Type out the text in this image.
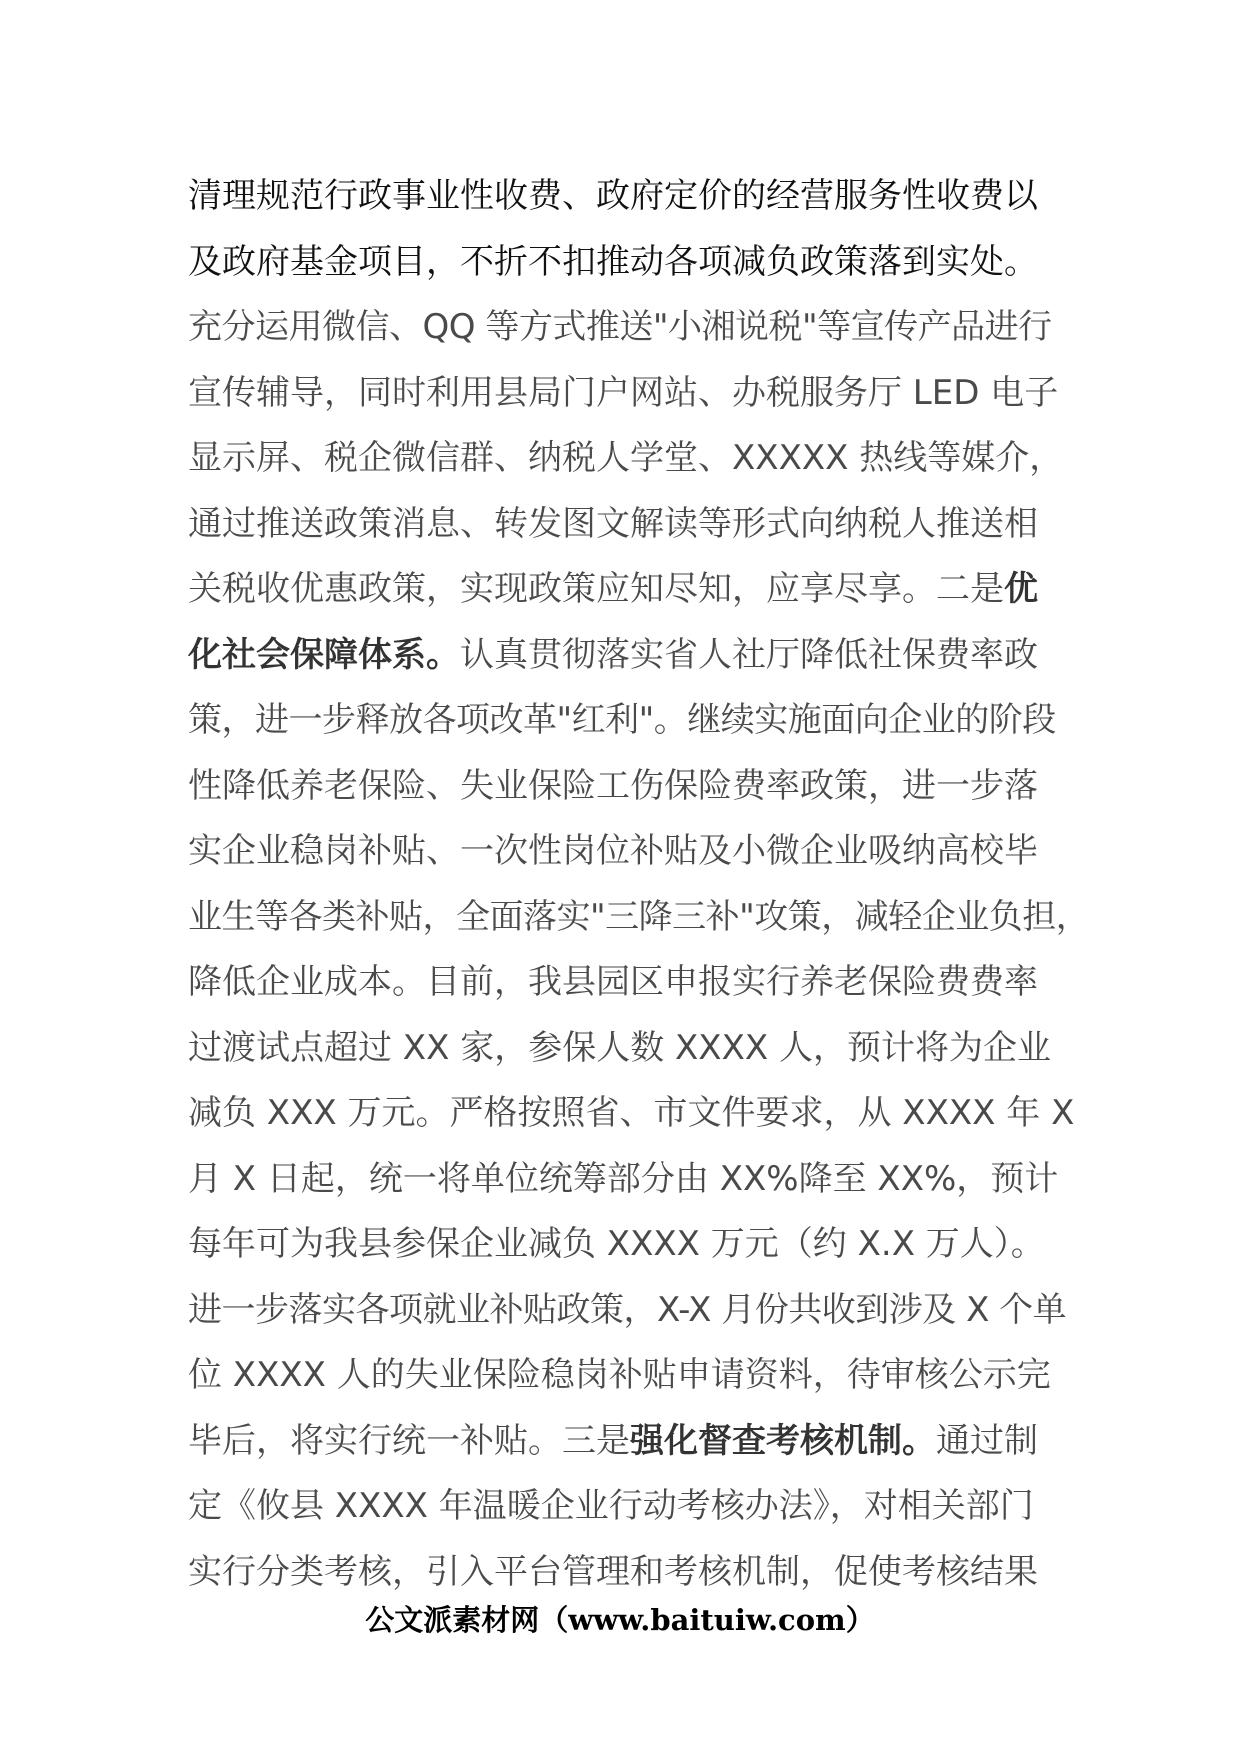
清理规范行政事业性收费、政府定价的经营服务性收费以
及政府基金项目，不折不扣推动各项减负政策落到实处。
充分运用微信、QQ 等方式推送"小湘说税"等宣传产品进行
宣传辅导，同时利用县局门户网站、办税服务厅 LED 电子
显示屏、税企微信群、纳税人学堂、XXXXX 热线等媒介，
通过推送政策消息、转发图文解读等形式向纳税人推送相
关税收优惠政策，实现政策应知尽知，应享尽享。二是优
化社会保障体系。认真贯彻落实省人社厅降低社保费率政
策，进一步释放各项改革"红利"。继续实施面向企业的阶段
性降低养老保险、失业保险工伤保险费率政策，进一步落
实企业稳岗补贴、一次性岗位补贴及小微企业吸纳高校毕
业生等各类补贴，全面落实"三降三补"攻策，减轻企业负担，
降低企业成本。目前，我县园区申报实行养老保险费费率
过渡试点超过 XX 家，参保人数 XXXX 人，预计将为企业
减负 XXX 万元。严格按照省、市文件要求，从 XXXX 年 X
月 X 日起，统一将单位统筹部分由 XX%降至 XX%，预计
每年可为我县参保企业减负 XXXX 万元（约 X.X 万人）。
进一步落实各项就业补贴政策，X-X 月份共收到涉及 X 个单
位 XXXX 人的失业保险稳岗补贴申请资料，待审核公示完
毕后，将实行统一补贴。三是强化督查考核机制。通过制
定《攸县 XXXX 年温暖企业行动考核办法》，对相关部门
实行分类考核，引入平台管理和考核机制，促使考核结果
公文派素材网（www.baituiw.com）
